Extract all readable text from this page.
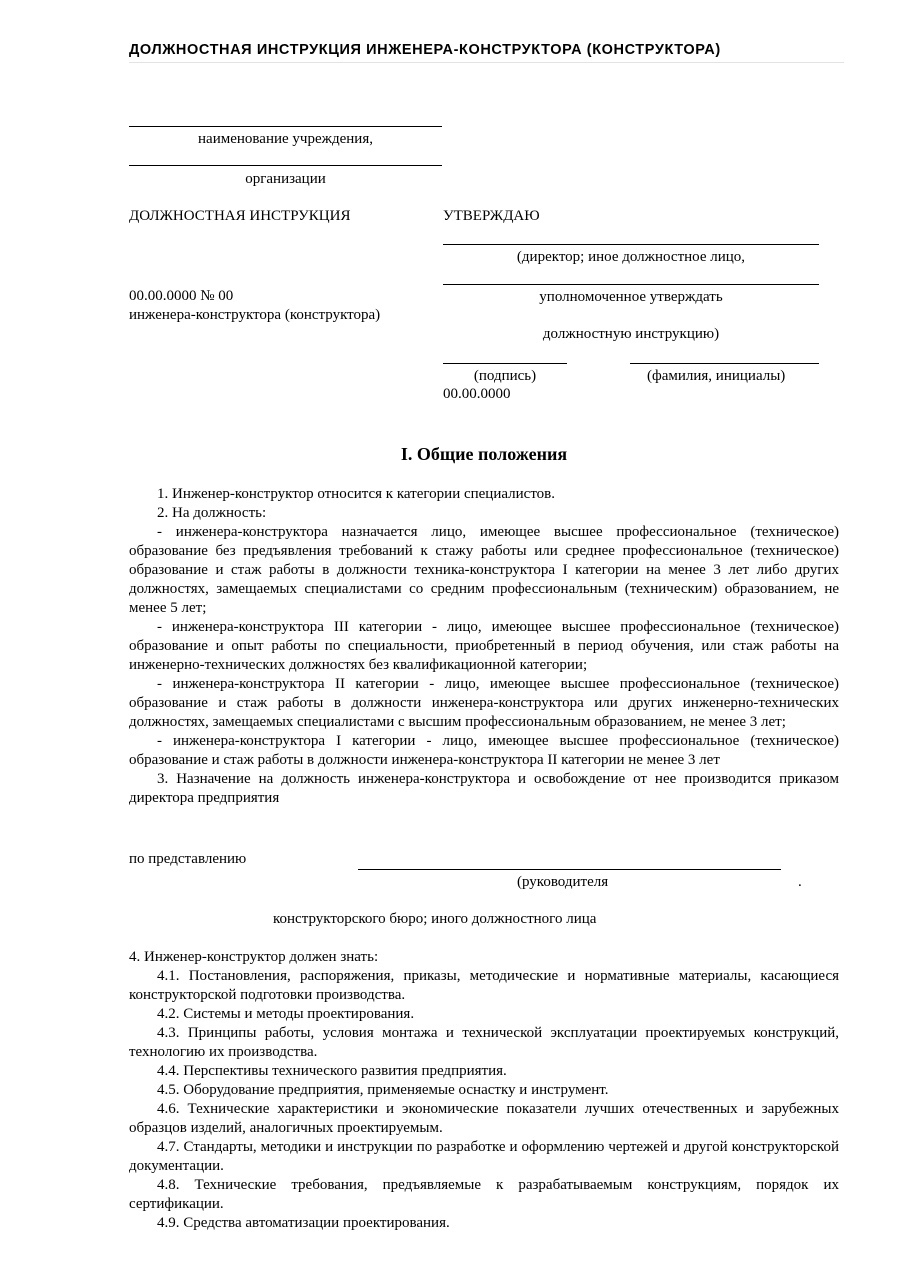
ДОЛЖНОСТНАЯ ИНСТРУКЦИЯ ИНЖЕНЕРА-КОНСТРУКТОРА (КОНСТРУКТОРА)
наименование учреждения,
организации
ДОЛЖНОСТНАЯ ИНСТРУКЦИЯ
00.00.0000 № 00
инженера-конструктора (конструктора)
УТВЕРЖДАЮ
(директор; иное должностное лицо,
уполномоченное утверждать
должностную инструкцию)
(подпись)	(фамилия, инициалы)
00.00.0000
I. Общие положения
1. Инженер-конструктор относится к категории специалистов.
2. На должность:
- инженера-конструктора назначается лицо, имеющее высшее профессиональное (техническое) образование без предъявления требований к стажу работы или среднее профессиональное (техническое) образование и стаж работы в должности техника-конструктора I категории на менее 3 лет либо других должностях, замещаемых специалистами со средним профессиональным (техническим) образованием, не менее 5 лет;
- инженера-конструктора III категории - лицо, имеющее высшее профессиональное (техническое) образование и опыт работы по специальности, приобретенный в период обучения, или стаж работы на инженерно-технических должностях без квалификационной категории;
- инженера-конструктора II категории - лицо, имеющее высшее профессиональное (техническое) образование и стаж работы в должности инженера-конструктора или других инженерно-технических должностях, замещаемых специалистами с высшим профессиональным образованием, не менее 3 лет;
- инженера-конструктора I категории - лицо, имеющее высшее профессиональное (техническое) образование и стаж работы в должности инженера-конструктора II категории не менее 3 лет
3. Назначение на должность инженера-конструктора и освобождение от нее производится приказом директора предприятия
по представлению
(руководителя	.
конструкторского бюро; иного должностного лица
4. Инженер-конструктор должен знать:
4.1. Постановления, распоряжения, приказы, методические и нормативные материалы, касающиеся конструкторской подготовки производства.
4.2. Системы и методы проектирования.
4.3. Принципы работы, условия монтажа и технической эксплуатации проектируемых конструкций, технологию их производства.
4.4. Перспективы технического развития предприятия.
4.5. Оборудование предприятия, применяемые оснастку и инструмент.
4.6. Технические характеристики и экономические показатели лучших отечественных и зарубежных образцов изделий, аналогичных проектируемым.
4.7. Стандарты, методики и инструкции по разработке и оформлению чертежей и другой конструкторской документации.
4.8. Технические требования, предъявляемые к разрабатываемым конструкциям, порядок их сертификации.
4.9. Средства автоматизации проектирования.
